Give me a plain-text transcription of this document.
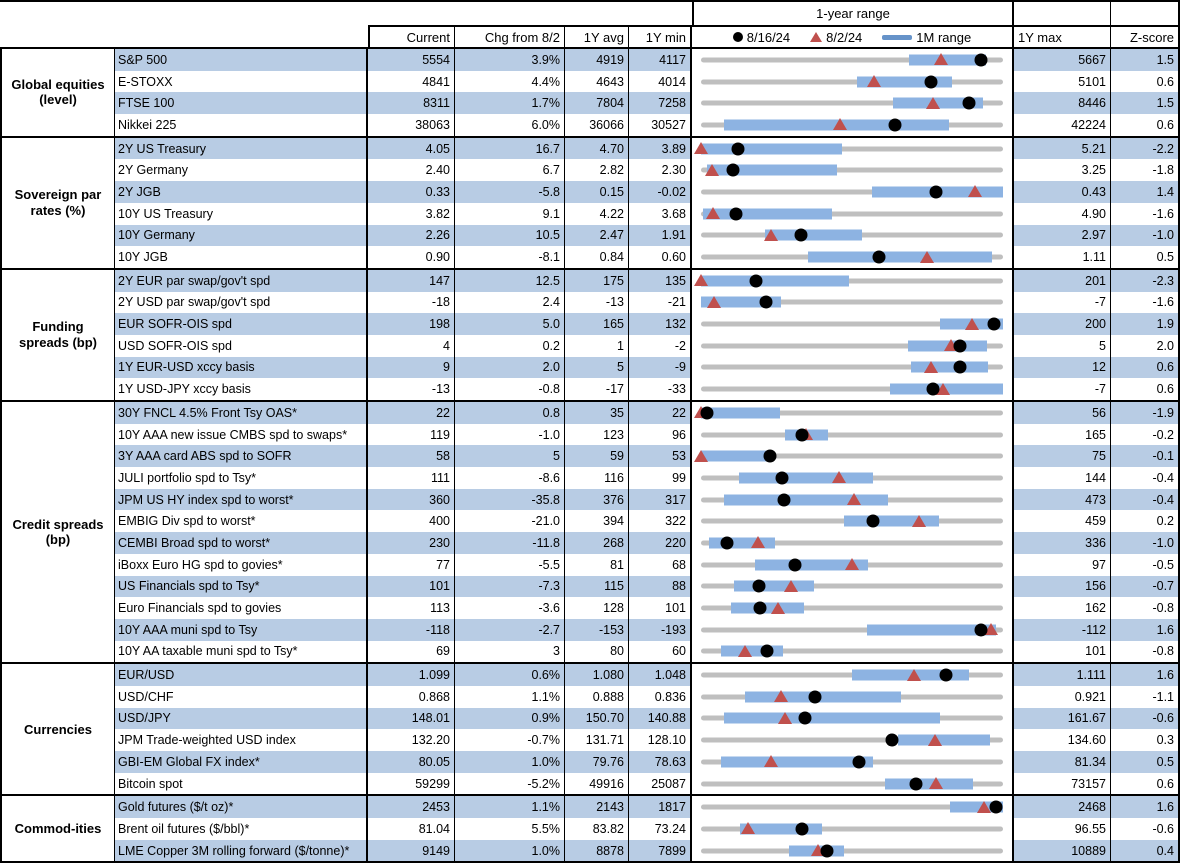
1-year range
Current	Chg from 8/2	1Y avg	1Y min	8/16/24	8/2/24	1M range	1Y max	Z-score
Global equities (level)
S&P 500	5554	3.9%	4919	4117	5667	1.5
E-STOXX	4841	4.4%	4643	4014	5101	0.6
FTSE 100	8311	1.7%	7804	7258	8446	1.5
Nikkei 225	38063	6.0%	36066	30527	42224	0.6
Sovereign par rates (%)
2Y US Treasury	4.05	16.7	4.70	3.89	5.21	-2.2
2Y Germany	2.40	6.7	2.82	2.30	3.25	-1.8
2Y JGB	0.33	-5.8	0.15	-0.02	0.43	1.4
10Y US Treasury	3.82	9.1	4.22	3.68	4.90	-1.6
10Y Germany	2.26	10.5	2.47	1.91	2.97	-1.0
10Y JGB	0.90	-8.1	0.84	0.60	1.11	0.5
Funding spreads (bp)
2Y EUR par swap/gov't spd	147	12.5	175	135	201	-2.3
2Y USD par swap/gov't spd	-18	2.4	-13	-21	-7	-1.6
EUR SOFR-OIS spd	198	5.0	165	132	200	1.9
USD SOFR-OIS spd	4	0.2	1	-2	5	2.0
1Y EUR-USD xccy basis	9	2.0	5	-9	12	0.6
1Y USD-JPY xccy basis	-13	-0.8	-17	-33	-7	0.6
Credit spreads (bp)
30Y FNCL 4.5% Front Tsy OAS*	22	0.8	35	22	56	-1.9
10Y AAA new issue CMBS spd to swaps*	119	-1.0	123	96	165	-0.2
3Y AAA card ABS spd to SOFR	58	5	59	53	75	-0.1
JULI portfolio spd to Tsy*	111	-8.6	116	99	144	-0.4
JPM US HY index spd to worst*	360	-35.8	376	317	473	-0.4
EMBIG Div spd to worst*	400	-21.0	394	322	459	0.2
CEMBI Broad spd to worst*	230	-11.8	268	220	336	-1.0
iBoxx Euro HG spd to govies*	77	-5.5	81	68	97	-0.5
US Financials spd to Tsy*	101	-7.3	115	88	156	-0.7
Euro Financials spd to govies	113	-3.6	128	101	162	-0.8
10Y AAA muni spd to Tsy	-118	-2.7	-153	-193	-112	1.6
10Y AA taxable muni spd to Tsy*	69	3	80	60	101	-0.8
Currencies
EUR/USD	1.099	0.6%	1.080	1.048	1.111	1.6
USD/CHF	0.868	1.1%	0.888	0.836	0.921	-1.1
USD/JPY	148.01	0.9%	150.70	140.88	161.67	-0.6
JPM Trade-weighted USD index	132.20	-0.7%	131.71	128.10	134.60	0.3
GBI-EM Global FX index*	80.05	1.0%	79.76	78.63	81.34	0.5
Bitcoin spot	59299	-5.2%	49916	25087	73157	0.6
Commod-ities
Gold futures ($/t oz)*	2453	1.1%	2143	1817	2468	1.6
Brent oil futures ($/bbl)*	81.04	5.5%	83.82	73.24	96.55	-0.6
LME Copper 3M rolling forward ($/tonne)*	9149	1.0%	8878	7899	10889	0.4
